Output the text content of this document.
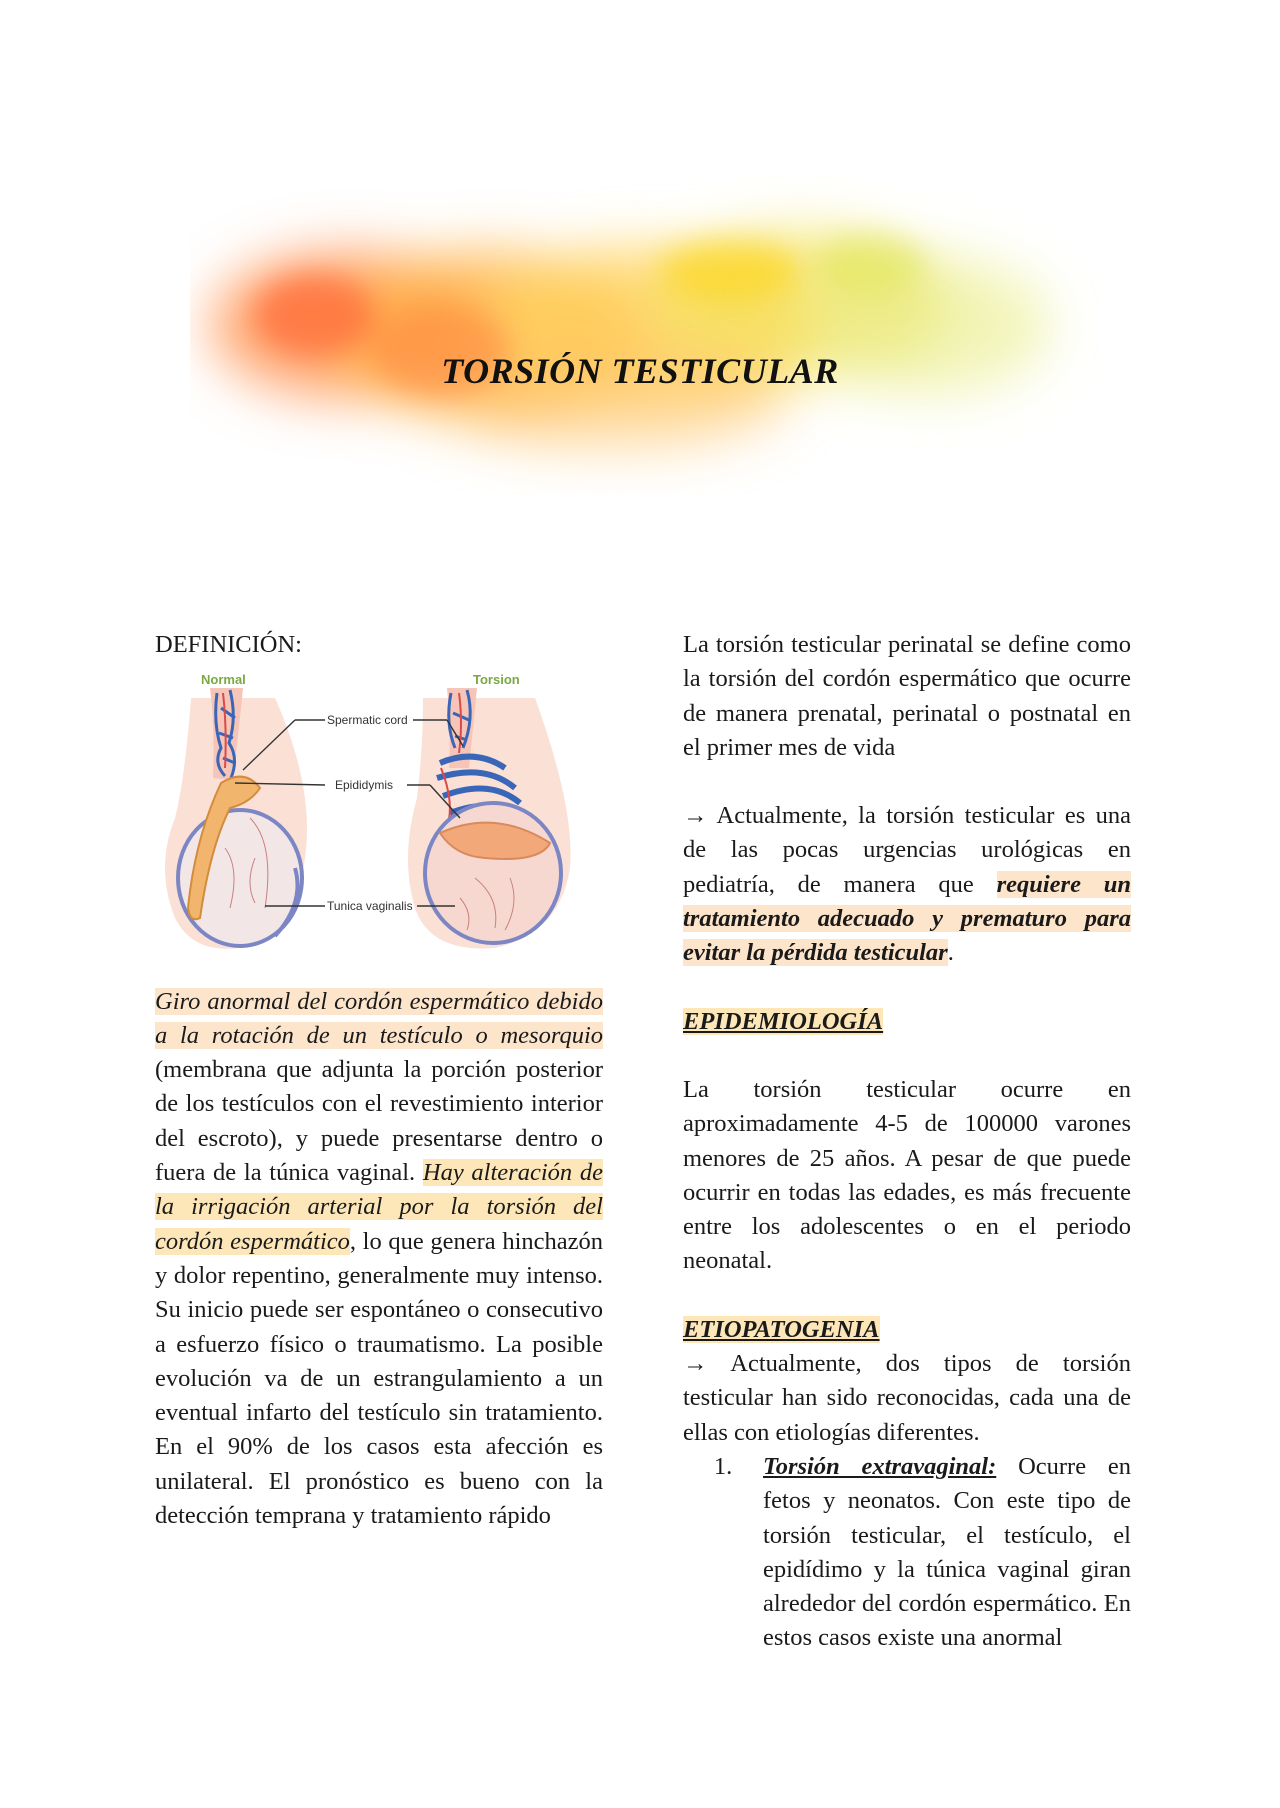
TORSIÓN TESTICULAR

DEFINICIÓN:

Normal	Torsion
Spermatic cord
Epididymis
Tunica vaginalis

Giro anormal del cordón espermático debido a la rotación de un testículo o mesorquio (membrana que adjunta la porción posterior de los testículos con el revestimiento interior del escroto), y puede presentarse dentro o fuera de la túnica vaginal. Hay alteración de la irrigación arterial por la torsión del cordón espermático, lo que genera hinchazón y dolor repentino, generalmente muy intenso. Su inicio puede ser espontáneo o consecutivo a esfuerzo físico o traumatismo. La posible evolución va de un estrangulamiento a un eventual infarto del testículo sin tratamiento. En el 90% de los casos esta afección es unilateral. El pronóstico es bueno con la detección temprana y tratamiento rápido

La torsión testicular perinatal se define como la torsión del cordón espermático que ocurre de manera prenatal, perinatal o postnatal en el primer mes de vida

→ Actualmente, la torsión testicular es una de las pocas urgencias urológicas en pediatría, de manera que requiere un tratamiento adecuado y prematuro para evitar la pérdida testicular.

EPIDEMIOLOGÍA

La torsión testicular ocurre en aproximadamente 4-5 de 100000 varones menores de 25 años. A pesar de que puede ocurrir en todas las edades, es más frecuente entre los adolescentes o en el periodo neonatal.

ETIOPATOGENIA

→ Actualmente, dos tipos de torsión testicular han sido reconocidas, cada una de ellas con etiologías diferentes.

1.	Torsión extravaginal: Ocurre en fetos y neonatos. Con este tipo de torsión testicular, el testículo, el epidídimo y la túnica vaginal giran alrededor del cordón espermático. En estos casos existe una anormal
